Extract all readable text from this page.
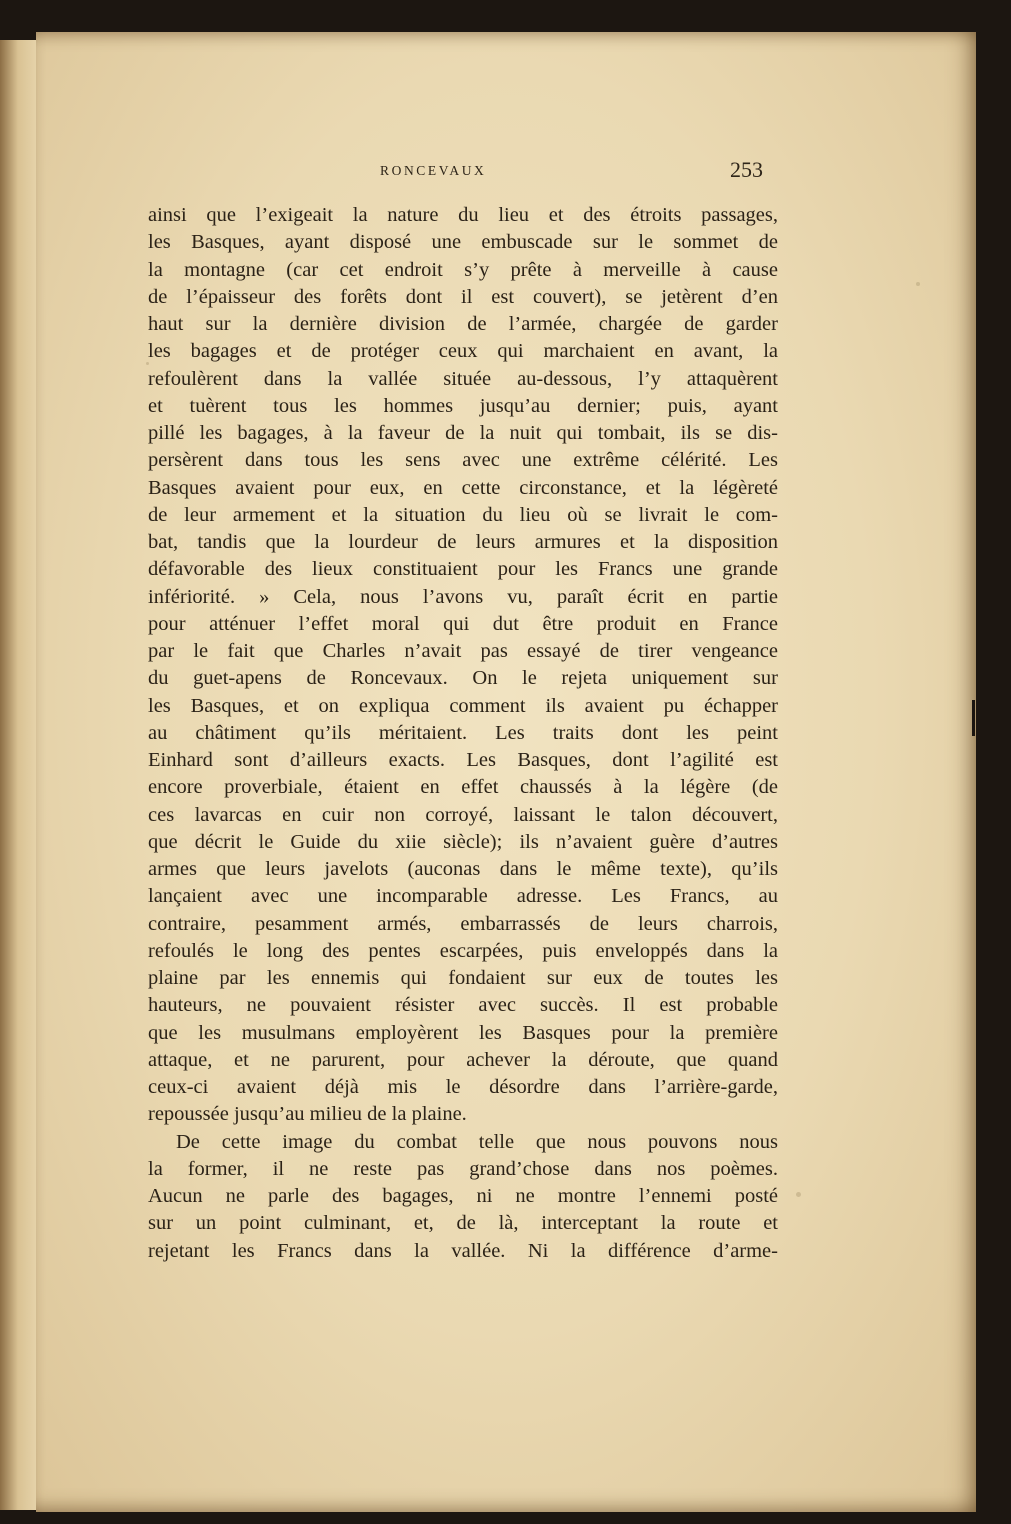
RONCEVAUX	253
ainsi que l’exigeait la nature du lieu et des étroits passages,
les Basques, ayant disposé une embuscade sur le sommet de
la montagne (car cet endroit s’y prête à merveille à cause
de l’épaisseur des forêts dont il est couvert), se jetèrent d’en
haut sur la dernière division de l’armée, chargée de garder
les bagages et de protéger ceux qui marchaient en avant, la
refoulèrent dans la vallée située au-dessous, l’y attaquèrent
et tuèrent tous les hommes jusqu’au dernier; puis, ayant
pillé les bagages, à la faveur de la nuit qui tombait, ils se dis-
persèrent dans tous les sens avec une extrême célérité. Les
Basques avaient pour eux, en cette circonstance, et la légèreté
de leur armement et la situation du lieu où se livrait le com-
bat, tandis que la lourdeur de leurs armures et la disposition
défavorable des lieux constituaient pour les Francs une grande
infériorité. » Cela, nous l’avons vu, paraît écrit en partie
pour atténuer l’effet moral qui dut être produit en France
par le fait que Charles n’avait pas essayé de tirer vengeance
du guet-apens de Roncevaux. On le rejeta uniquement sur
les Basques, et on expliqua comment ils avaient pu échapper
au châtiment qu’ils méritaient. Les traits dont les peint
Einhard sont d’ailleurs exacts. Les Basques, dont l’agilité est
encore proverbiale, étaient en effet chaussés à la légère (de
ces lavarcas en cuir non corroyé, laissant le talon découvert,
que décrit le Guide du xiie siècle); ils n’avaient guère d’autres
armes que leurs javelots (auconas dans le même texte), qu’ils
lançaient avec une incomparable adresse. Les Francs, au
contraire, pesamment armés, embarrassés de leurs charrois,
refoulés le long des pentes escarpées, puis enveloppés dans la
plaine par les ennemis qui fondaient sur eux de toutes les
hauteurs, ne pouvaient résister avec succès. Il est probable
que les musulmans employèrent les Basques pour la première
attaque, et ne parurent, pour achever la déroute, que quand
ceux-ci avaient déjà mis le désordre dans l’arrière-garde,
repoussée jusqu’au milieu de la plaine.
De cette image du combat telle que nous pouvons nous
la former, il ne reste pas grand’chose dans nos poèmes.
Aucun ne parle des bagages, ni ne montre l’ennemi posté
sur un point culminant, et, de là, interceptant la route et
rejetant les Francs dans la vallée. Ni la différence d’arme-
